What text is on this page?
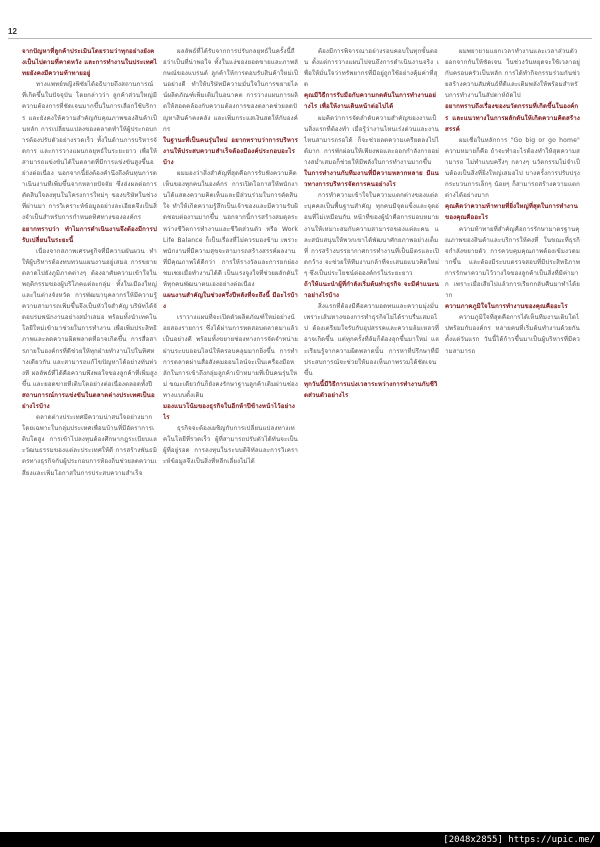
12

จากปัญหาที่ลูกค้าประเมินโดยรวมว่าทุกอย่างยังคงเป็นไปตามที่คาดหวัง และการทำงานในประเทศไทยยังคงมีความท้าทายอยู่

ทางแพทย์หญิงพิชัยได้อธิบายถึงสถานการณ์ที่เกิดขึ้นในปัจจุบัน โดยกล่าวว่า ลูกค้าส่วนใหญ่มีความต้องการที่ชัดเจนมากขึ้นในการเลือกใช้บริการ และยังคงให้ความสำคัญกับคุณภาพของสินค้าเป็นหลัก การเปลี่ยนแปลงของตลาดทำให้ผู้ประกอบการต้องปรับตัวอย่างรวดเร็ว ทั้งในด้านการบริหารจัดการ และการวางแผนกลยุทธ์ในระยะยาว เพื่อให้สามารถแข่งขันได้ในตลาดที่มีการแข่งขันสูงขึ้นอย่างต่อเนื่อง นอกจากนี้ยังต้องคำนึงถึงต้นทุนการดำเนินงานที่เพิ่มขึ้นจากหลายปัจจัย ซึ่งส่งผลต่อการตัดสินใจลงทุนในโครงการใหม่ๆ ของบริษัทในช่วงที่ผ่านมา การวิเคราะห์ข้อมูลอย่างละเอียดจึงเป็นสิ่งจำเป็นสำหรับการกำหนดทิศทางขององค์กร

อยากทราบว่า ทำไมการดำเนินงานจึงต้องมีการปรับเปลี่ยนในระยะนี้

เนื่องจากสภาพเศรษฐกิจที่มีความผันผวน ทำให้ผู้บริหารต้องทบทวนแผนงานอยู่เสมอ การขยายตลาดไปยังภูมิภาคต่างๆ ต้องอาศัยความเข้าใจในพฤติกรรมของผู้บริโภคแต่ละกลุ่ม ทั้งในเมืองใหญ่และในต่างจังหวัด การพัฒนาบุคลากรให้มีความรู้ความสามารถเพิ่มขึ้นจึงเป็นหัวใจสำคัญ บริษัทได้จัดอบรมพนักงานอย่างสม่ำเสมอ พร้อมทั้งนำเทคโนโลยีใหม่เข้ามาช่วยในการทำงาน เพื่อเพิ่มประสิทธิภาพและลดความผิดพลาดที่อาจเกิดขึ้น การสื่อสารภายในองค์กรที่ดีช่วยให้ทุกฝ่ายทำงานไปในทิศทางเดียวกัน และสามารถแก้ไขปัญหาได้อย่างทันท่วงที ผลลัพธ์ที่ได้คือความพึงพอใจของลูกค้าที่เพิ่มสูงขึ้น และยอดขายที่เติบโตอย่างต่อเนื่องตลอดทั้งปี

สถานการณ์การแข่งขันในตลาดต่างประเทศเป็นอย่างไรบ้าง

ตลาดต่างประเทศมีความน่าสนใจอย่างมาก โดยเฉพาะในกลุ่มประเทศเพื่อนบ้านที่มีอัตราการเติบโตสูง การเข้าไปลงทุนต้องศึกษากฎระเบียบและวัฒนธรรมของแต่ละประเทศให้ดี การสร้างพันธมิตรทางธุรกิจกับผู้ประกอบการท้องถิ่นช่วยลดความเสี่ยงและเพิ่มโอกาสในการประสบความสำเร็จ

ผลลัพธ์ที่ได้รับจากการปรับกลยุทธ์ในครั้งนี้ถือว่าเป็นที่น่าพอใจ ทั้งในแง่ของยอดขายและภาพลักษณ์ของแบรนด์ ลูกค้าให้การตอบรับสินค้าใหม่เป็นอย่างดี ทำให้บริษัทมีความมั่นใจในการขยายไลน์ผลิตภัณฑ์เพิ่มเติมในอนาคต การวางแผนการผลิตให้สอดคล้องกับความต้องการของตลาดช่วยลดปัญหาสินค้าคงคลัง และเพิ่มกระแสเงินสดให้กับองค์กร

ในฐานะที่เป็นคนรุ่นใหม่ อยากทราบว่าการบริหารงานให้ประสบความสำเร็จต้องมีองค์ประกอบอะไรบ้าง

ผมมองว่าสิ่งสำคัญที่สุดคือการรับฟังความคิดเห็นของทุกคนในองค์กร การเปิดโอกาสให้พนักงานได้แสดงความคิดเห็นและมีส่วนร่วมในการตัดสินใจ ทำให้เกิดความรู้สึกเป็นเจ้าของและมีความรับผิดชอบต่องานมากขึ้น นอกจากนี้การสร้างสมดุลระหว่างชีวิตการทำงานและชีวิตส่วนตัว หรือ Work Life Balance ก็เป็นเรื่องที่ไม่ควรมองข้าม เพราะพนักงานที่มีความสุขจะสามารถสร้างสรรค์ผลงานที่มีคุณภาพได้ดีกว่า การให้รางวัลและการยกย่องชมเชยเมื่อทำงานได้ดี เป็นแรงจูงใจที่ช่วยผลักดันให้ทุกคนพัฒนาตนเองอย่างต่อเนื่อง

แผนงานสำคัญในช่วงครึ่งปีหลังที่จะถึงนี้ มีอะไรบ้าง

เราวางแผนที่จะเปิดตัวผลิตภัณฑ์ใหม่อย่างน้อยสองรายการ ซึ่งได้ผ่านการทดสอบตลาดมาแล้วเป็นอย่างดี พร้อมทั้งขยายช่องทางการจัดจำหน่ายผ่านระบบออนไลน์ให้ครอบคลุมมากยิ่งขึ้น การทำการตลาดผ่านสื่อสังคมออนไลน์จะเป็นเครื่องมือหลักในการเข้าถึงกลุ่มลูกค้าเป้าหมายที่เป็นคนรุ่นใหม่ ขณะเดียวกันก็ยังคงรักษาฐานลูกค้าเดิมผ่านช่องทางแบบดั้งเดิม

มองแนวโน้มของธุรกิจในอีกห้าปีข้างหน้าไว้อย่างไร

ธุรกิจจะต้องเผชิญกับการเปลี่ยนแปลงทางเทคโนโลยีที่รวดเร็ว ผู้ที่สามารถปรับตัวได้ทันจะเป็นผู้ที่อยู่รอด การลงทุนในระบบดิจิทัลและการวิเคราะห์ข้อมูลจึงเป็นสิ่งที่หลีกเลี่ยงไม่ได้

ต้องมีการพิจารณาอย่างรอบคอบในทุกขั้นตอน ตั้งแต่การวางแผนไปจนถึงการดำเนินงานจริง เพื่อให้มั่นใจว่าทรัพยากรที่มีอยู่ถูกใช้อย่างคุ้มค่าที่สุด

คุณมีวิธีการรับมือกับความกดดันในการทำงานอย่างไร เพื่อให้งานเดินหน้าต่อไปได้

ผมคิดว่าการจัดลำดับความสำคัญของงานเป็นสิ่งแรกที่ต้องทำ เมื่อรู้ว่างานไหนเร่งด่วนและงานไหนสามารถรอได้ ก็จะช่วยลดความเครียดลงไปได้มาก การพักผ่อนให้เพียงพอและออกกำลังกายอย่างสม่ำเสมอก็ช่วยให้มีพลังในการทำงานมากขึ้น

ในการทำงานกับทีมงานที่มีความหลากหลาย มีแนวทางการบริหารจัดการคนอย่างไร

การทำความเข้าใจในความแตกต่างของแต่ละบุคคลเป็นพื้นฐานสำคัญ ทุกคนมีจุดแข็งและจุดอ่อนที่ไม่เหมือนกัน หน้าที่ของผู้นำคือการมอบหมายงานให้เหมาะสมกับความสามารถของแต่ละคน และสนับสนุนให้พวกเขาได้พัฒนาศักยภาพอย่างเต็มที่ การสร้างบรรยากาศการทำงานที่เป็นมิตรและเปิดกว้าง จะช่วยให้ทีมงานกล้าที่จะเสนอแนวคิดใหม่ๆ ซึ่งเป็นประโยชน์ต่อองค์กรในระยะยาว

ถ้าให้แนะนำผู้ที่กำลังเริ่มต้นทำธุรกิจ จะมีคำแนะนำอย่างไรบ้าง

สิ่งแรกที่ต้องมีคือความอดทนและความมุ่งมั่น เพราะเส้นทางของการทำธุรกิจไม่ได้ราบรื่นเสมอไป ต้องเตรียมใจรับกับอุปสรรคและความล้มเหลวที่อาจเกิดขึ้น แต่ทุกครั้งที่ล้มก็ต้องลุกขึ้นมาใหม่ และเรียนรู้จากความผิดพลาดนั้น การหาที่ปรึกษาที่มีประสบการณ์จะช่วยให้มองเห็นภาพรวมได้ชัดเจนขึ้น

ทุกวันนี้มีวิธีการแบ่งเวลาระหว่างการทำงานกับชีวิตส่วนตัวอย่างไร

ผมพยายามแยกเวลาทำงานและเวลาส่วนตัวออกจากกันให้ชัดเจน ในช่วงวันหยุดจะใช้เวลาอยู่กับครอบครัวเป็นหลัก การได้ทำกิจกรรมร่วมกันช่วยสร้างความสัมพันธ์ที่ดีและเติมพลังให้พร้อมสำหรับการทำงานในสัปดาห์ถัดไป

อยากทราบถึงเรื่องของนวัตกรรมที่เกิดขึ้นในองค์กร และแนวทางในการผลักดันให้เกิดความคิดสร้างสรรค์

ผมเชื่อในหลักการ "Go big or go home" ความหมายก็คือ ถ้าจะทำอะไรต้องทำให้สุดความสามารถ ไม่ทำแบบครึ่งๆ กลางๆ นวัตกรรมไม่จำเป็นต้องเป็นสิ่งที่ยิ่งใหญ่เสมอไป บางครั้งการปรับปรุงกระบวนการเล็กๆ น้อยๆ ก็สามารถสร้างความแตกต่างได้อย่างมาก

คุณคิดว่าความท้าทายที่ยิ่งใหญ่ที่สุดในการทำงานของคุณคืออะไร

ความท้าทายที่สำคัญคือการรักษามาตรฐานคุณภาพของสินค้าและบริการให้คงที่ ในขณะที่ธุรกิจกำลังขยายตัว การควบคุมคุณภาพต้องเข้มงวดมากขึ้น และต้องมีระบบตรวจสอบที่มีประสิทธิภาพ การรักษาความไว้วางใจของลูกค้าเป็นสิ่งที่มีค่ามาก เพราะเมื่อเสียไปแล้วการเรียกกลับคืนมาทำได้ยาก

ความภาคภูมิใจในการทำงานของคุณคืออะไร

ความภูมิใจที่สุดคือการได้เห็นทีมงานเติบโตไปพร้อมกับองค์กร หลายคนที่เริ่มต้นทำงานด้วยกันตั้งแต่วันแรก วันนี้ได้ก้าวขึ้นมาเป็นผู้บริหารที่มีความสามารถ

[2048x2855] https://upic.me/
